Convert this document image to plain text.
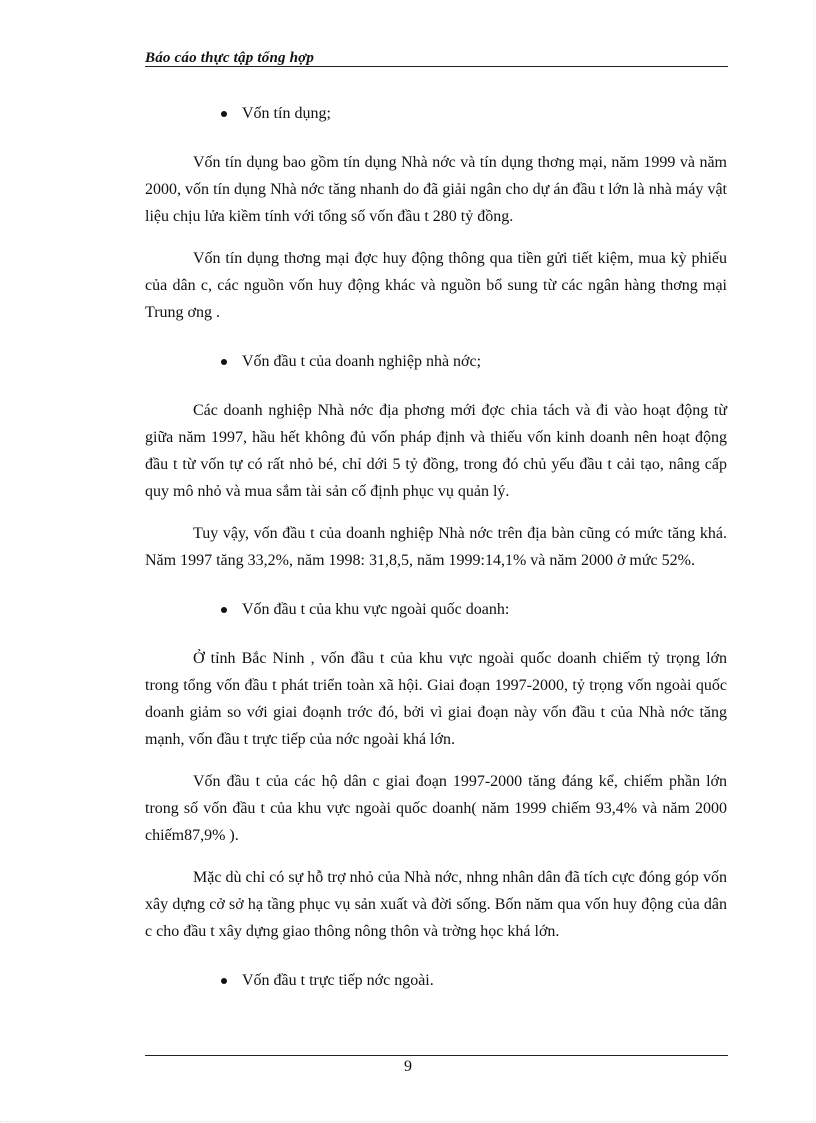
Báo cáo thực tập tổng hợp
Vốn tín dụng;

Vốn tín dụng bao gồm tín dụng Nhà nớc và tín dụng thơng mại, năm 1999 và năm 2000, vốn tín dụng Nhà nớc tăng nhanh do đã giải ngân cho dự án đầu t lớn là nhà máy vật liệu chịu lửa kiềm tính với tổng số vốn đầu t 280 tỷ đồng.

Vốn tín dụng thơng mại đợc huy động thông qua tiền gửi tiết kiệm, mua kỳ phiếu của dân c, các nguồn vốn huy động khác và nguồn bổ sung từ các ngân hàng thơng mại Trung ơng .

Vốn đầu t của doanh nghiệp nhà nớc;

Các doanh nghiệp Nhà nớc địa phơng mới đợc chia tách và đi vào hoạt động từ giữa năm 1997, hầu hết không đủ vốn pháp định và thiếu vốn kinh doanh nên hoạt động đầu t từ vốn tự có rất nhỏ bé, chỉ dới 5 tỷ đồng, trong đó chủ yếu đầu t cải tạo, nâng cấp quy mô nhỏ và mua sắm tài sản cố định phục vụ quản lý.

Tuy vậy, vốn đầu t của doanh nghiệp Nhà nớc trên địa bàn cũng có mức tăng khá. Năm 1997 tăng 33,2%, năm 1998: 31,8,5, năm 1999:14,1% và năm 2000 ở mức 52%.

Vốn đầu t của khu vực ngoài quốc doanh:

Ở tỉnh Bắc Ninh , vốn đầu t của khu vực ngoài quốc doanh chiếm tỷ trọng lớn trong tổng vốn đầu t phát triển toàn xã hội. Giai đoạn 1997-2000, tỷ trọng vốn ngoài quốc doanh giảm so với giai đoạnh trớc đó, bởi vì giai đoạn này vốn đầu t của Nhà nớc tăng mạnh, vốn đầu t trực tiếp của nớc ngoài khá lớn.

Vốn đầu t của các hộ dân c giai đoạn 1997-2000 tăng đáng kể, chiếm phần lớn trong số vốn đầu t của khu vực ngoài quốc doanh( năm 1999 chiếm 93,4% và năm 2000 chiếm87,9% ).

Mặc dù chỉ có sự hỗ trợ nhỏ của Nhà nớc, nhng nhân dân đã tích cực đóng góp vốn xây dựng cở sở hạ tầng phục vụ sản xuất và đời sống. Bốn năm qua vốn huy động của dân c cho đầu t xây dựng giao thông nông thôn và trờng học khá lớn.

Vốn đầu t trực tiếp nớc ngoài.
9
